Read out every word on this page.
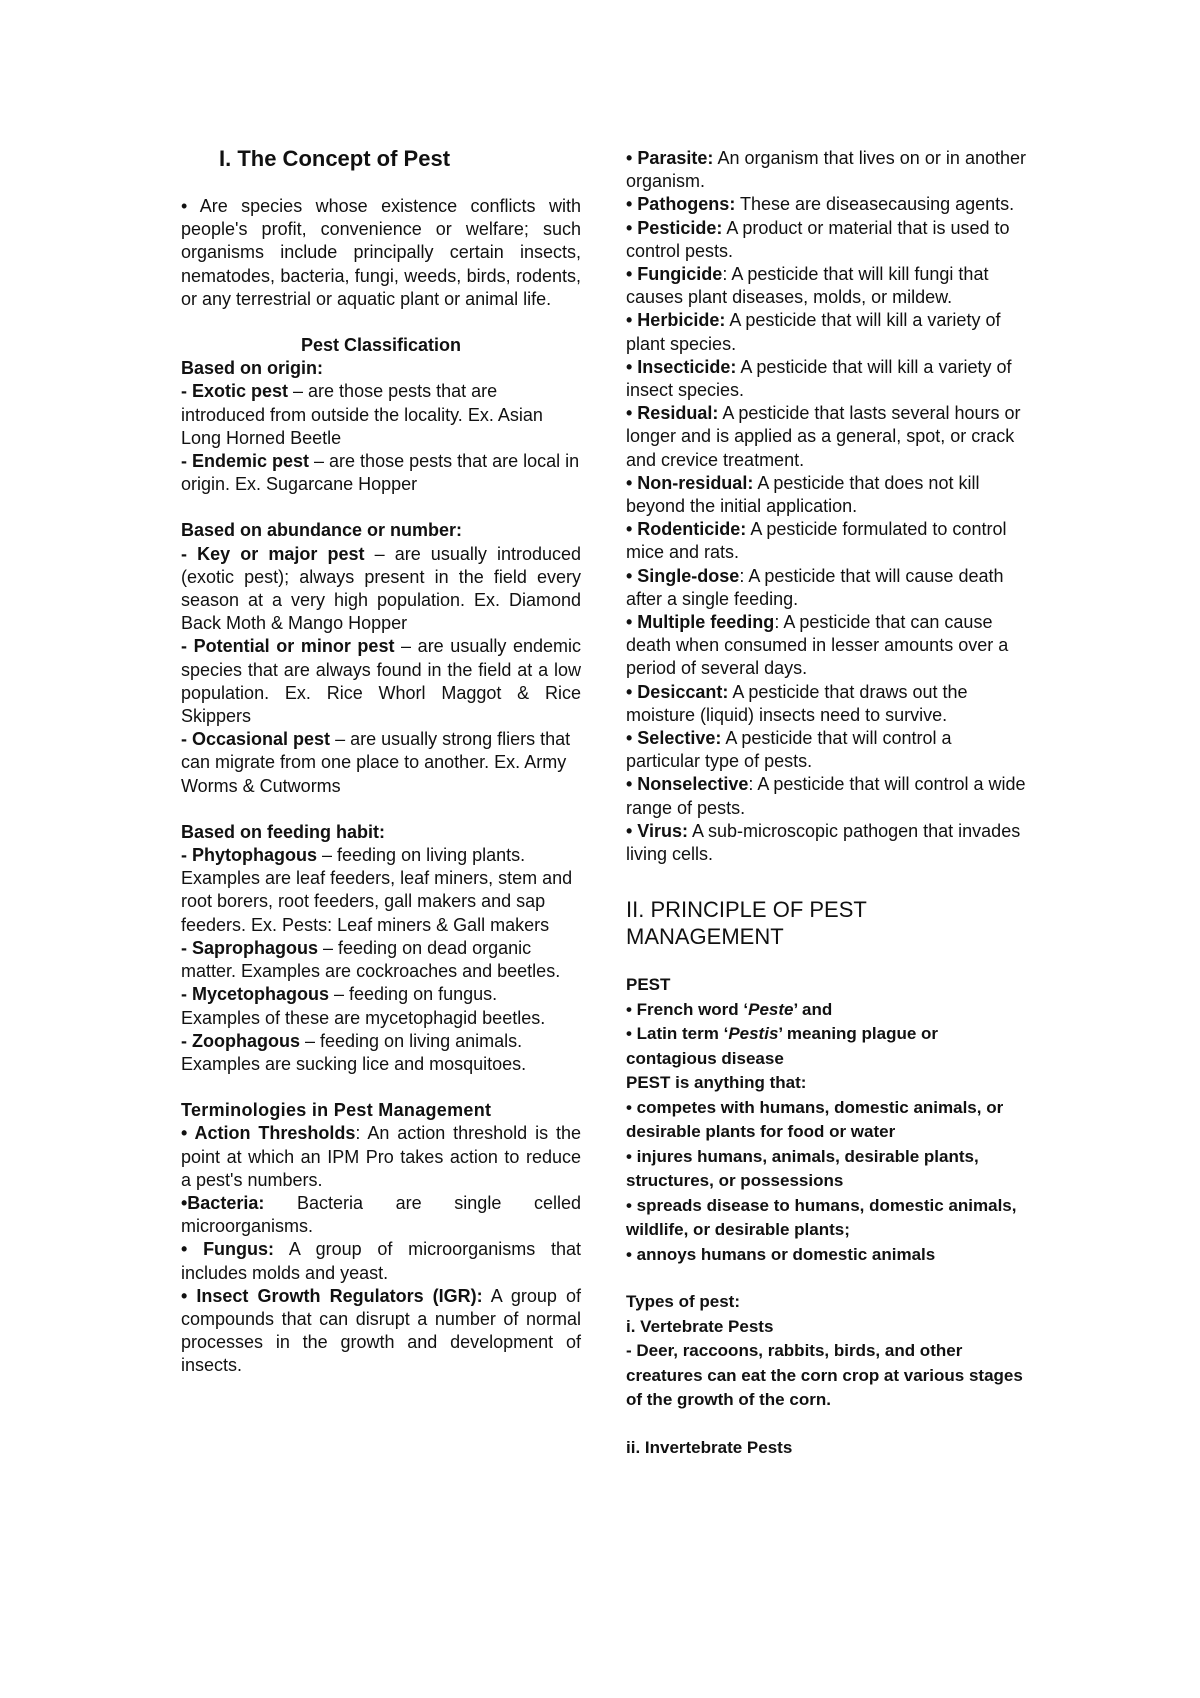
I. The Concept of Pest

• Are species whose existence conflicts with people's profit, convenience or welfare; such organisms include principally certain insects, nematodes, bacteria, fungi, weeds, birds, rodents, or any terrestrial or aquatic plant or animal life.

Pest Classification

Based on origin:

- Exotic pest – are those pests that are introduced from outside the locality. Ex. Asian Long Horned Beetle

- Endemic pest – are those pests that are local in origin. Ex. Sugarcane Hopper

Based on abundance or number:

- Key or major pest – are usually introduced (exotic pest); always present in the field every season at a very high population. Ex. Diamond Back Moth & Mango Hopper

- Potential or minor pest – are usually endemic species that are always found in the field at a low population. Ex. Rice Whorl Maggot & Rice Skippers

- Occasional pest – are usually strong fliers that can migrate from one place to another. Ex. Army Worms & Cutworms

Based on feeding habit:

- Phytophagous – feeding on living plants. Examples are leaf feeders, leaf miners, stem and root borers, root feeders, gall makers and sap feeders. Ex. Pests: Leaf miners & Gall makers

- Saprophagous – feeding on dead organic matter. Examples are cockroaches and beetles.

- Mycetophagous – feeding on fungus. Examples of these are mycetophagid beetles.

- Zoophagous – feeding on living animals. Examples are sucking lice and mosquitoes.

Terminologies in Pest Management

• Action Thresholds: An action threshold is the point at which an IPM Pro takes action to reduce a pest's numbers.

•Bacteria: Bacteria are single celled microorganisms.

• Fungus: A group of microorganisms that includes molds and yeast.

• Insect Growth Regulators (IGR): A group of compounds that can disrupt a number of normal processes in the growth and development of insects.

• Parasite: An organism that lives on or in another organism.

• Pathogens: These are diseasecausing agents.

• Pesticide: A product or material that is used to control pests.

• Fungicide: A pesticide that will kill fungi that causes plant diseases, molds, or mildew.

• Herbicide: A pesticide that will kill a variety of plant species.

• Insecticide: A pesticide that will kill a variety of insect species.

• Residual: A pesticide that lasts several hours or longer and is applied as a general, spot, or crack and crevice treatment.

• Non-residual: A pesticide that does not kill beyond the initial application.

• Rodenticide: A pesticide formulated to control mice and rats.

• Single-dose: A pesticide that will cause death after a single feeding.

• Multiple feeding: A pesticide that can cause death when consumed in lesser amounts over a period of several days.

• Desiccant: A pesticide that draws out the moisture (liquid) insects need to survive.

• Selective: A pesticide that will control a particular type of pests.

• Nonselective: A pesticide that will control a wide range of pests.

• Virus: A sub-microscopic pathogen that invades living cells.

II. PRINCIPLE OF PEST MANAGEMENT

PEST

• French word ‘Peste’ and

• Latin term ‘Pestis’ meaning plague or contagious disease

PEST is anything that:

• competes with humans, domestic animals, or desirable plants for food or water

• injures humans, animals, desirable plants, structures, or possessions

• spreads disease to humans, domestic animals, wildlife, or desirable plants;

• annoys humans or domestic animals

Types of pest:

i. Vertebrate Pests

- Deer, raccoons, rabbits, birds, and other creatures can eat the corn crop at various stages of the growth of the corn.

ii. Invertebrate Pests
